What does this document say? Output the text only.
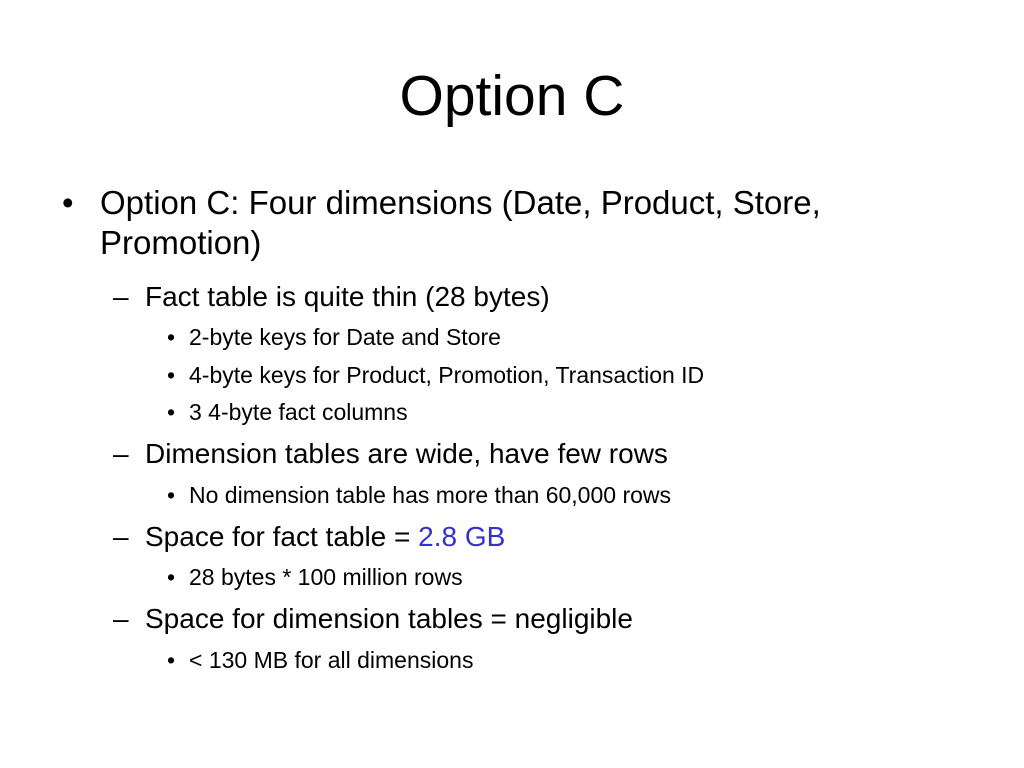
Option C
• Option C: Four dimensions (Date, Product, Store, Promotion)
– Fact table is quite thin (28 bytes)
• 2-byte keys for Date and Store
• 4-byte keys for Product, Promotion, Transaction ID
• 3 4-byte fact columns
– Dimension tables are wide, have few rows
• No dimension table has more than 60,000 rows
– Space for fact table = 2.8 GB
• 28 bytes * 100 million rows
– Space for dimension tables = negligible
• < 130 MB for all dimensions
